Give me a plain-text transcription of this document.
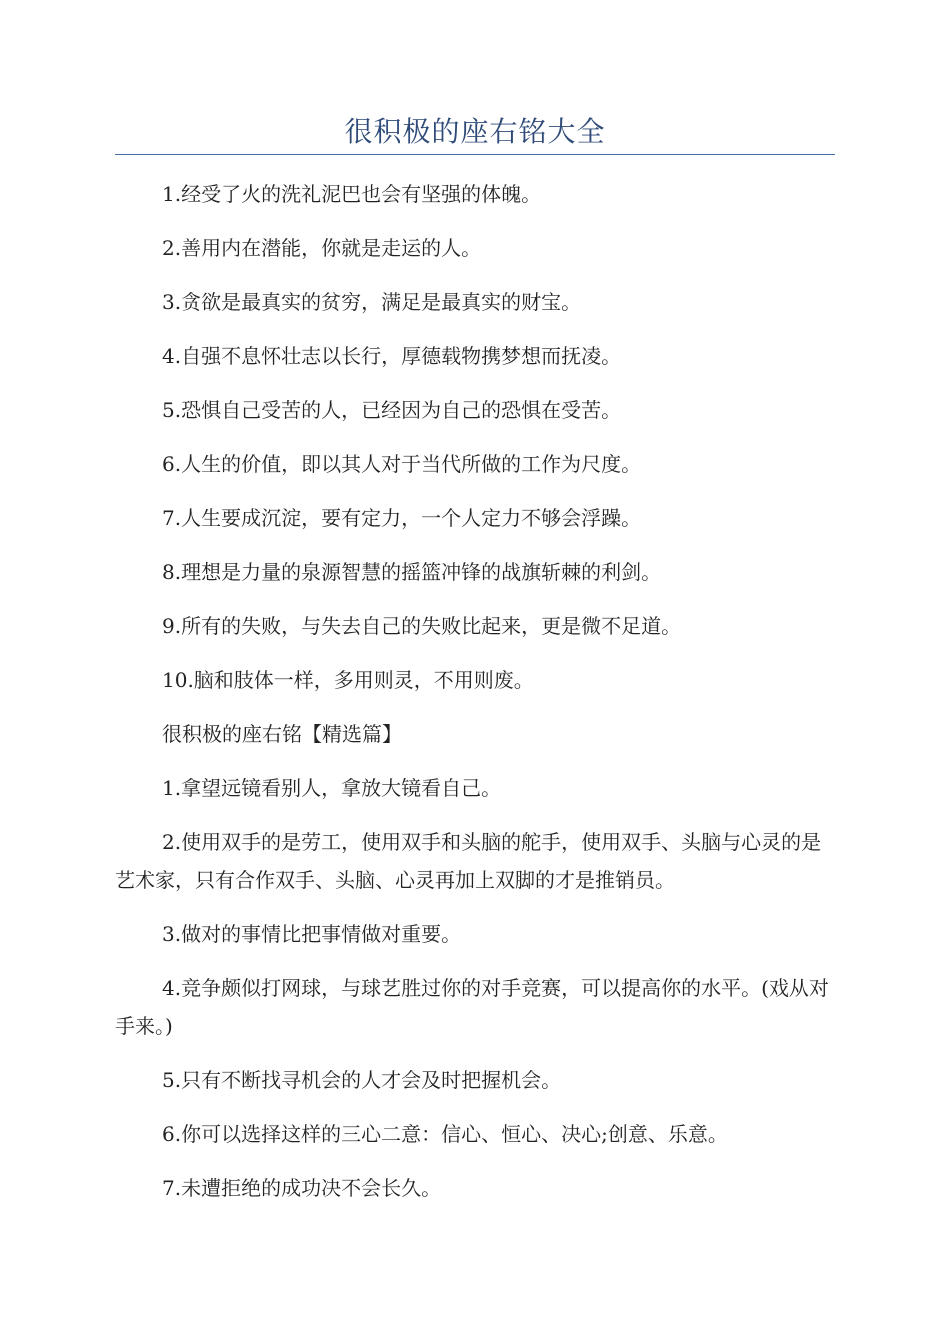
很积极的座右铭大全

1.经受了火的洗礼泥巴也会有坚强的体魄。

2.善用内在潜能，你就是走运的人。

3.贪欲是最真实的贫穷，满足是最真实的财宝。

4.自强不息怀壮志以长行，厚德载物携梦想而抚凌。

5.恐惧自己受苦的人，已经因为自己的恐惧在受苦。

6.人生的价值，即以其人对于当代所做的工作为尺度。

7.人生要成沉淀，要有定力，一个人定力不够会浮躁。

8.理想是力量的泉源智慧的摇篮冲锋的战旗斩棘的利剑。

9.所有的失败，与失去自己的失败比起来，更是微不足道。

10.脑和肢体一样，多用则灵，不用则废。

很积极的座右铭【精选篇】

1.拿望远镜看别人，拿放大镜看自己。

2.使用双手的是劳工，使用双手和头脑的舵手，使用双手、头脑与心灵的是艺术家，只有合作双手、头脑、心灵再加上双脚的才是推销员。

3.做对的事情比把事情做对重要。

4.竞争颇似打网球，与球艺胜过你的对手竞赛，可以提高你的水平。(戏从对手来。)

5.只有不断找寻机会的人才会及时把握机会。

6.你可以选择这样的三心二意：信心、恒心、决心;创意、乐意。

7.未遭拒绝的成功决不会长久。
